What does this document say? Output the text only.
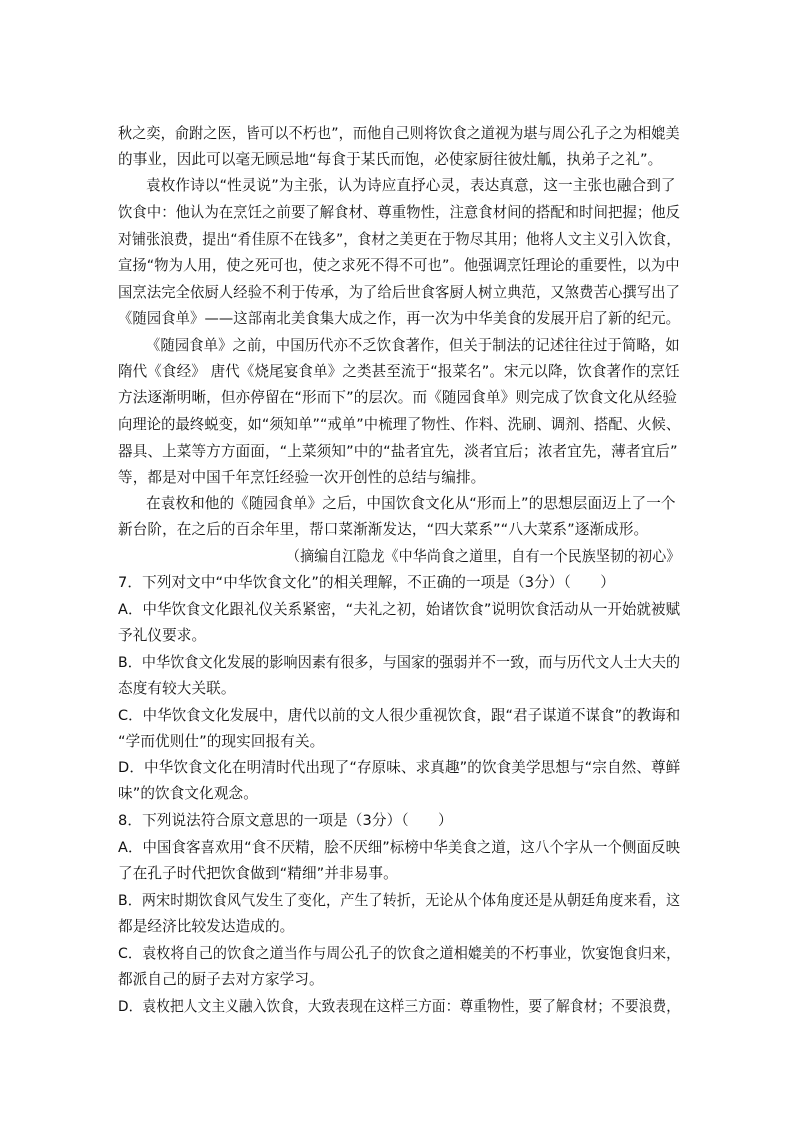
秋之奕，俞跗之医，皆可以不朽也”，而他自己则将饮食之道视为堪与周公孔子之为相媲美
的事业，因此可以毫无顾忌地“每食于某氏而饱，必使家厨往彼灶觚，执弟子之礼”。
袁枚作诗以“性灵说”为主张，认为诗应直抒心灵，表达真意，这一主张也融合到了
饮食中：他认为在烹饪之前要了解食材、尊重物性，注意食材间的搭配和时间把握；他反
对铺张浪费，提出“肴佳原不在钱多”，食材之美更在于物尽其用；他将人文主义引入饮食，
宣扬“物为人用，使之死可也，使之求死不得不可也”。他强调烹饪理论的重要性，以为中
国烹法完全依厨人经验不利于传承，为了给后世食客厨人树立典范，又煞费苦心撰写出了
《随园食单》——这部南北美食集大成之作，再一次为中华美食的发展开启了新的纪元。
《随园食单》之前，中国历代亦不乏饮食著作，但关于制法的记述往往过于简略，如
隋代《食经》 唐代《烧尾宴食单》之类甚至流于“报菜名”。宋元以降，饮食著作的烹饪
方法逐渐明晰，但亦停留在“形而下”的层次。而《随园食单》则完成了饮食文化从经验
向理论的最终蜕变，如“须知单”“戒单”中梳理了物性、作料、洗刷、调剂、搭配、火候、
器具、上菜等方方面面，“上菜须知”中的“盐者宜先，淡者宜后；浓者宜先，薄者宜后”
等，都是对中国千年烹饪经验一次开创性的总结与编排。
在袁枚和他的《随园食单》之后，中国饮食文化从“形而上”的思想层面迈上了一个
新台阶，在之后的百余年里，帮口菜渐渐发达，“四大菜系”“八大菜系”逐渐成形。
（摘编自江隐龙《中华尚食之道里，自有一个民族坚韧的初心》
7．下列对文中“中华饮食文化”的相关理解，不正确的一项是（3分）（　　）
A．中华饮食文化跟礼仪关系紧密，“夫礼之初，始诸饮食”说明饮食活动从一开始就被赋
予礼仪要求。
B．中华饮食文化发展的影响因素有很多，与国家的强弱并不一致，而与历代文人士大夫的
态度有较大关联。
C．中华饮食文化发展中，唐代以前的文人很少重视饮食，跟“君子谋道不谋食”的教诲和
“学而优则仕”的现实回报有关。
D．中华饮食文化在明清时代出现了“存原味、求真趣”的饮食美学思想与“宗自然、尊鲜
味”的饮食文化观念。
8．下列说法符合原文意思的一项是（3分）（　　）
A．中国食客喜欢用“食不厌精，脍不厌细”标榜中华美食之道，这八个字从一个侧面反映
了在孔子时代把饮食做到“精细”并非易事。
B．两宋时期饮食风气发生了变化，产生了转折，无论从个体角度还是从朝廷角度来看，这
都是经济比较发达造成的。
C．袁枚将自己的饮食之道当作与周公孔子的饮食之道相媲美的不朽事业，饮宴饱食归来，
都派自己的厨子去对方家学习。
D．袁枚把人文主义融入饮食，大致表现在这样三方面：尊重物性，要了解食材；不要浪费，
